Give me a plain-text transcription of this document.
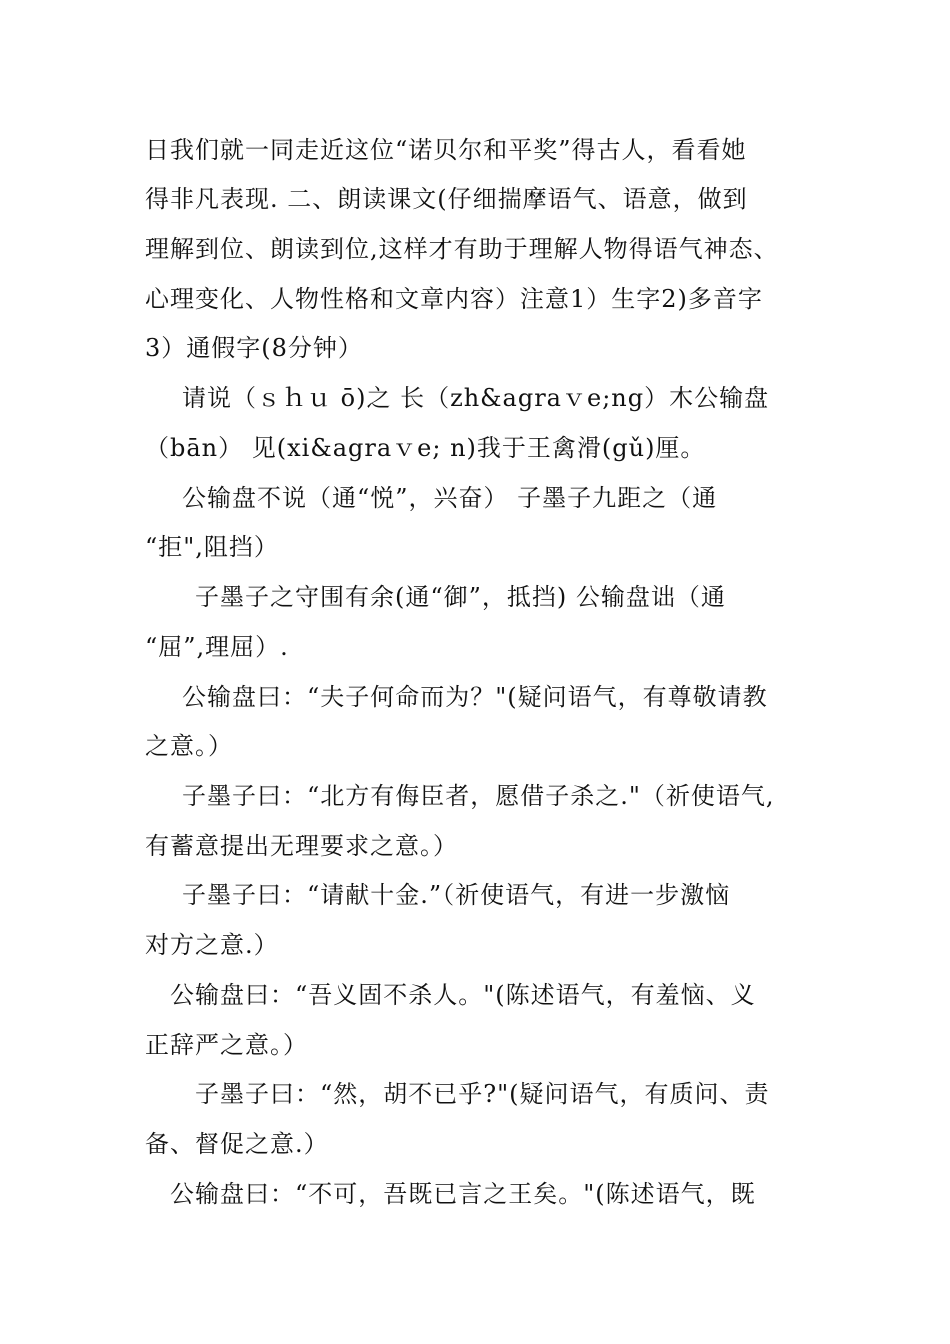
日我们就一同走近这位“诺贝尔和平奖”得古人，看看她
得非凡表现. 二、朗读课文(仔细揣摩语气、语意，做到
理解到位、朗读到位,这样才有助于理解人物得语气神态、
心理变化、人物性格和文章内容）注意1）生字2)多音字
3）通假字(8分钟）
请说（ｓｈｕ ō)之 长（zh&agraｖe;ng）木公输盘
（bān） 见(xi&agraｖe; n)我于王禽滑(gǔ)厘。
公输盘不说（通“悦”，兴奋） 子墨子九距之（通
“拒",阻挡）
子墨子之守围有余(通“御”，抵挡) 公输盘诎（通
“屈”,理屈）.
公输盘曰：“夫子何命而为？"(疑问语气，有尊敬请教
之意。）
子墨子曰：“北方有侮臣者，愿借子杀之."（祈使语气,
有蓄意提出无理要求之意。）
子墨子曰：“请献十金.”（祈使语气，有进一步激恼
对方之意.）
公输盘曰：“吾义固不杀人。"(陈述语气，有羞恼、义
正辞严之意。）
子墨子曰：“然，胡不已乎?"(疑问语气，有质问、责
备、督促之意.）
公输盘曰：“不可，吾既已言之王矣。"(陈述语气，既
